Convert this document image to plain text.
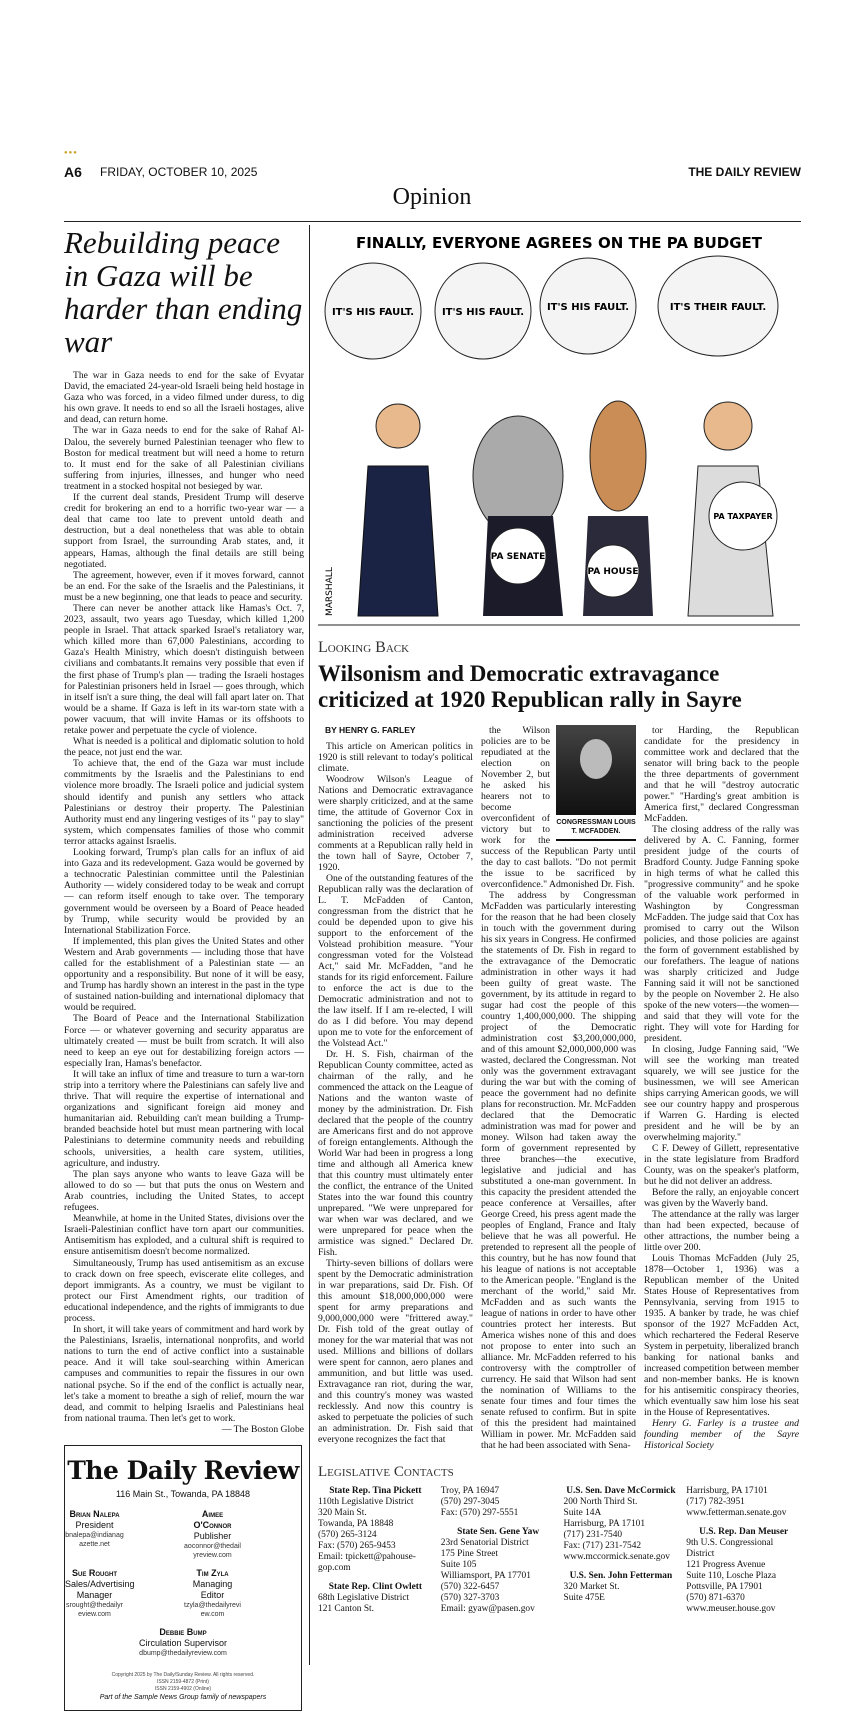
●●●
A6 FRIDAY, OCTOBER 10, 2025	THE DAILY REVIEW
Opinion
Rebuilding peace in Gaza will be harder than ending war

The war in Gaza needs to end for the sake of Evyatar David, the emaciated 24-year-old Israeli being held hostage in Gaza who was forced, in a video filmed under duress, to dig his own grave. It needs to end so all the Israeli hostages, alive and dead, can return home.

The war in Gaza needs to end for the sake of Rahaf Al-Dalou, the severely burned Palestinian teenager who flew to Boston for medical treatment but will need a home to return to. It must end for the sake of all Palestinian civilians suffering from injuries, illnesses, and hunger who need treatment in a stocked hospital not besieged by war.

If the current deal stands, President Trump will deserve credit for brokering an end to a horrific two-year war — a deal that came too late to prevent untold death and destruction, but a deal nonetheless that was able to obtain support from Israel, the surrounding Arab states, and, it appears, Hamas, although the final details are still being negotiated.

The agreement, however, even if it moves forward, cannot be an end. For the sake of the Israelis and the Palestinians, it must be a new beginning, one that leads to peace and security.

There can never be another attack like Hamas's Oct. 7, 2023, assault, two years ago Tuesday, which killed 1,200 people in Israel. That attack sparked Israel's retaliatory war, which killed more than 67,000 Palestinians, according to Gaza's Health Ministry, which doesn't distinguish between civilians and combatants.It remains very possible that even if the first phase of Trump's plan — trading the Israeli hostages for Palestinian prisoners held in Israel — goes through, which in itself isn't a sure thing, the deal will fall apart later on. That would be a shame. If Gaza is left in its war-torn state with a power vacuum, that will invite Hamas or its offshoots to retake power and perpetuate the cycle of violence.

What is needed is a political and diplomatic solution to hold the peace, not just end the war.

To achieve that, the end of the Gaza war must include commitments by the Israelis and the Palestinians to end violence more broadly. The Israeli police and judicial system should identify and punish any settlers who attack Palestinians or destroy their property. The Palestinian Authority must end any lingering vestiges of its " pay to slay" system, which compensates families of those who commit terror attacks against Israelis.

Looking forward, Trump's plan calls for an influx of aid into Gaza and its redevelopment. Gaza would be governed by a technocratic Palestinian committee until the Palestinian Authority — widely considered today to be weak and corrupt — can reform itself enough to take over. The temporary government would be overseen by a Board of Peace headed by Trump, while security would be provided by an International Stabilization Force.

If implemented, this plan gives the United States and other Western and Arab governments — including those that have called for the establishment of a Palestinian state — an opportunity and a responsibility. But none of it will be easy, and Trump has hardly shown an interest in the past in the type of sustained nation-building and international diplomacy that would be required.

The Board of Peace and the International Stabilization Force — or whatever governing and security apparatus are ultimately created — must be built from scratch. It will also need to keep an eye out for destabilizing foreign actors — especially Iran, Hamas's benefactor.

It will take an influx of time and treasure to turn a war-torn strip into a territory where the Palestinians can safely live and thrive. That will require the expertise of international and organizations and significant foreign aid money and humanitarian aid. Rebuilding can't mean building a Trump-branded beachside hotel but must mean partnering with local Palestinians to determine community needs and rebuilding schools, universities, a health care system, utilities, agriculture, and industry.

The plan says anyone who wants to leave Gaza will be allowed to do so — but that puts the onus on Western and Arab countries, including the United States, to accept refugees.

Meanwhile, at home in the United States, divisions over the Israeli-Palestinian conflict have torn apart our communities. Antisemitism has exploded, and a cultural shift is required to ensure antisemitism doesn't become normalized.

Simultaneously, Trump has used antisemitism as an excuse to crack down on free speech, eviscerate elite colleges, and deport immigrants. As a country, we must be vigilant to protect our First Amendment rights, our tradition of educational independence, and the rights of immigrants to due process.

In short, it will take years of commitment and hard work by the Palestinians, Israelis, international nonprofits, and world nations to turn the end of active conflict into a sustainable peace. And it will take soul-searching within American campuses and communities to repair the fissures in our own national psyche. So if the end of the conflict is actually near, let's take a moment to breathe a sigh of relief, mourn the war dead, and commit to helping Israelis and Palestinians heal from national trauma. Then let's get to work.

— The Boston Globe
The Daily Review
116 Main St., Towanda, PA 18848
Brian Nalepa
President
bnalepa@indianagazette.net
Aimee O'Connor
Publisher
aoconnor@thedailyreview.com
Sue Rought
Sales/Advertising Manager
srought@thedailyreview.com
Tim Zyla
Managing Editor
tzyla@thedailyreview.com
Debbie Bump
Circulation Supervisor
dbump@thedailyreview.com
Copyright 2025 by The Daily/Sunday Review. All rights reserved.
ISSN 2159-4872 (Print)
ISSN 2159-4902 (Online)
Part of the Sample News Group family of newspapers
FINALLY, EVERYONE AGREES ON THE PA BUDGET
IT'S HIS FAULT.	IT'S HIS FAULT. IT'S HIS FAULT.	IT'S THEIR FAULT.
PA SENATE
PA HOUSE
PA TAXPAYER
MARSHALL
Looking Back
Wilsonism and Democratic extravagance criticized at 1920 Republican rally in Sayre
BY HENRY G. FARLEY

This article on American politics in 1920 is still relevant to today's political climate.

Woodrow Wilson's League of Nations and Democratic extravagance were sharply criticized, and at the same time, the attitude of Governor Cox in sanctioning the policies of the present administration received adverse comments at a Republican rally held in the town hall of Sayre, October 7, 1920.

One of the outstanding features of the Republican rally was the declaration of L. T. McFadden of Canton, congressman from the district that he could be depended upon to give his support to the enforcement of the Volstead prohibition measure. "Your congressman voted for the Volstead Act," said Mr. McFadden, "and he stands for its rigid enforcement. Failure to enforce the act is due to the Democratic administration and not to the law itself. If I am re-elected, I will do as I did before. You may depend upon me to vote for the enforcement of the Volstead Act."

Dr. H. S. Fish, chairman of the Republican County committee, acted as chairman of the rally, and he commenced the attack on the League of Nations and the wanton waste of money by the administration. Dr. Fish declared that the people of the country are Americans first and do not approve of foreign entanglements. Although the World War had been in progress a long time and although all America knew that this country must ultimately enter the conflict, the entrance of the United States into the war found this country unprepared. "We were unprepared for war when war was declared, and we were unprepared for peace when the armistice was signed." Declared Dr. Fish.

Thirty-seven billions of dollars were spent by the Democratic administration in war preparations, said Dr. Fish. Of this amount $18,000,000,000 were spent for army preparations and 9,000,000,000 were "frittered away." Dr. Fish told of the great outlay of money for the war material that was not used. Millions and billions of dollars were spent for cannon, aero planes and ammunition, and but little was used. Extravagance ran riot, during the war, and this country's money was wasted recklessly. And now this country is asked to perpetuate the policies of such an administration. Dr. Fish said that everyone recognizes the fact that

CONGRESSMAN LOUIS T. MCFADDEN.

the Wilson policies are to be repudiated at the election on November 2, but he asked his hearers not to become overconfident of victory but to work for the success of the Republican Party until the day to cast ballots. "Do not permit the issue to be sacrificed by overconfidence." Admonished Dr. Fish.

The address by Congressman McFadden was particularly interesting for the reason that he had been closely in touch with the government during his six years in Congress. He confirmed the statements of Dr. Fish in regard to the extravagance of the Democratic administration in other ways it had been guilty of great waste. The government, by its attitude in regard to sugar had cost the people of this country 1,400,000,000. The shipping project of the Democratic administration cost $3,200,000,000, and of this amount $2,000,000,000 was wasted, declared the Congressman. Not only was the government extravagant during the war but with the coming of peace the government had no definite plans for reconstruction. Mr. McFadden declared that the Democratic administration was mad for power and money. Wilson had taken away the form of government represented by three branches—the executive, legislative and judicial and has substituted a one-man government. In this capacity the president attended the peace conference at Versailles, after George Creed, his press agent made the peoples of England, France and Italy believe that he was all powerful. He pretended to represent all the people of this country, but he has now found that his league of nations is not acceptable to the American people. "England is the merchant of the world," said Mr. McFadden and as such wants the league of nations in order to have other countries protect her interests. But America wishes none of this and does not propose to enter into such an alliance. Mr. McFadden referred to his controversy with the comptroller of currency. He said that Wilson had sent the nomination of Williams to the senate four times and four times the senate refused to confirm. But in spite of this the president had maintained William in power. Mr. McFadden said that he had been associated with Sena-

tor Harding, the Republican candidate for the presidency in committee work and declared that the senator will bring back to the people the three departments of government and that he will "destroy autocratic power." "Harding's great ambition is America first," declared Congressman McFadden.

The closing address of the rally was delivered by A. C. Fanning, former president judge of the courts of Bradford County. Judge Fanning spoke in high terms of what he called this "progressive community" and he spoke of the valuable work performed in Washington by Congressman McFadden. The judge said that Cox has promised to carry out the Wilson policies, and those policies are against the form of government established by our forefathers. The league of nations was sharply criticized and Judge Fanning said it will not be sanctioned by the people on November 2. He also spoke of the new voters—the women—and said that they will vote for the right. They will vote for Harding for president.

In closing, Judge Fanning said, "We will see the working man treated squarely, we will see justice for the businessmen, we will see American ships carrying American goods, we will see our country happy and prosperous if Warren G. Harding is elected president and he will be by an overwhelming majority."

C F. Dewey of Gillett, representative in the state legislature from Bradford County, was on the speaker's platform, but he did not deliver an address.

Before the rally, an enjoyable concert was given by the Waverly band.

The attendance at the rally was larger than had been expected, because of other attractions, the number being a little over 200.

Louis Thomas McFadden (July 25, 1878—October 1, 1936) was a Republican member of the United States House of Representatives from Pennsylvania, serving from 1915 to 1935. A banker by trade, he was chief sponsor of the 1927 McFadden Act, which rechartered the Federal Reserve System in perpetuity, liberalized branch banking for national banks and increased competition between member and non-member banks. He is known for his antisemitic conspiracy theories, which eventually saw him lose his seat in the House of Representatives.

Henry G. Farley is a trustee and founding member of the Sayre Historical Society

Legislative Contacts
State Rep. Tina Pickett
110th Legislative District
320 Main St.
Towanda, PA 18848
(570) 265-3124
Fax: (570) 265-9453
Email: tpickett@pahouse-gop.com
State Rep. Clint Owlett
68th Legislative District
121 Canton St.
Troy, PA 16947
(570) 297-3045
Fax: (570) 297-5551
State Sen. Gene Yaw
23rd Senatorial District
175 Pine Street
Suite 105
Williamsport, PA 17701
(570) 322-6457
(570) 327-3703
Email: gyaw@pasen.gov
U.S. Sen. Dave McCormick
200 North Third St.
Suite 14A
Harrisburg, PA 17101
(717) 231-7540
Fax: (717) 231-7542
www.mccormick.senate.gov
U.S. Sen. John Fetterman
320 Market St.
Suite 475E
Harrisburg, PA 17101
(717) 782-3951
www.fetterman.senate.gov
U.S. Rep. Dan Meuser
9th U.S. Congressional District
121 Progress Avenue
Suite 110, Losche Plaza
Pottsville, PA 17901
(570) 871-6370
www.meuser.house.gov
